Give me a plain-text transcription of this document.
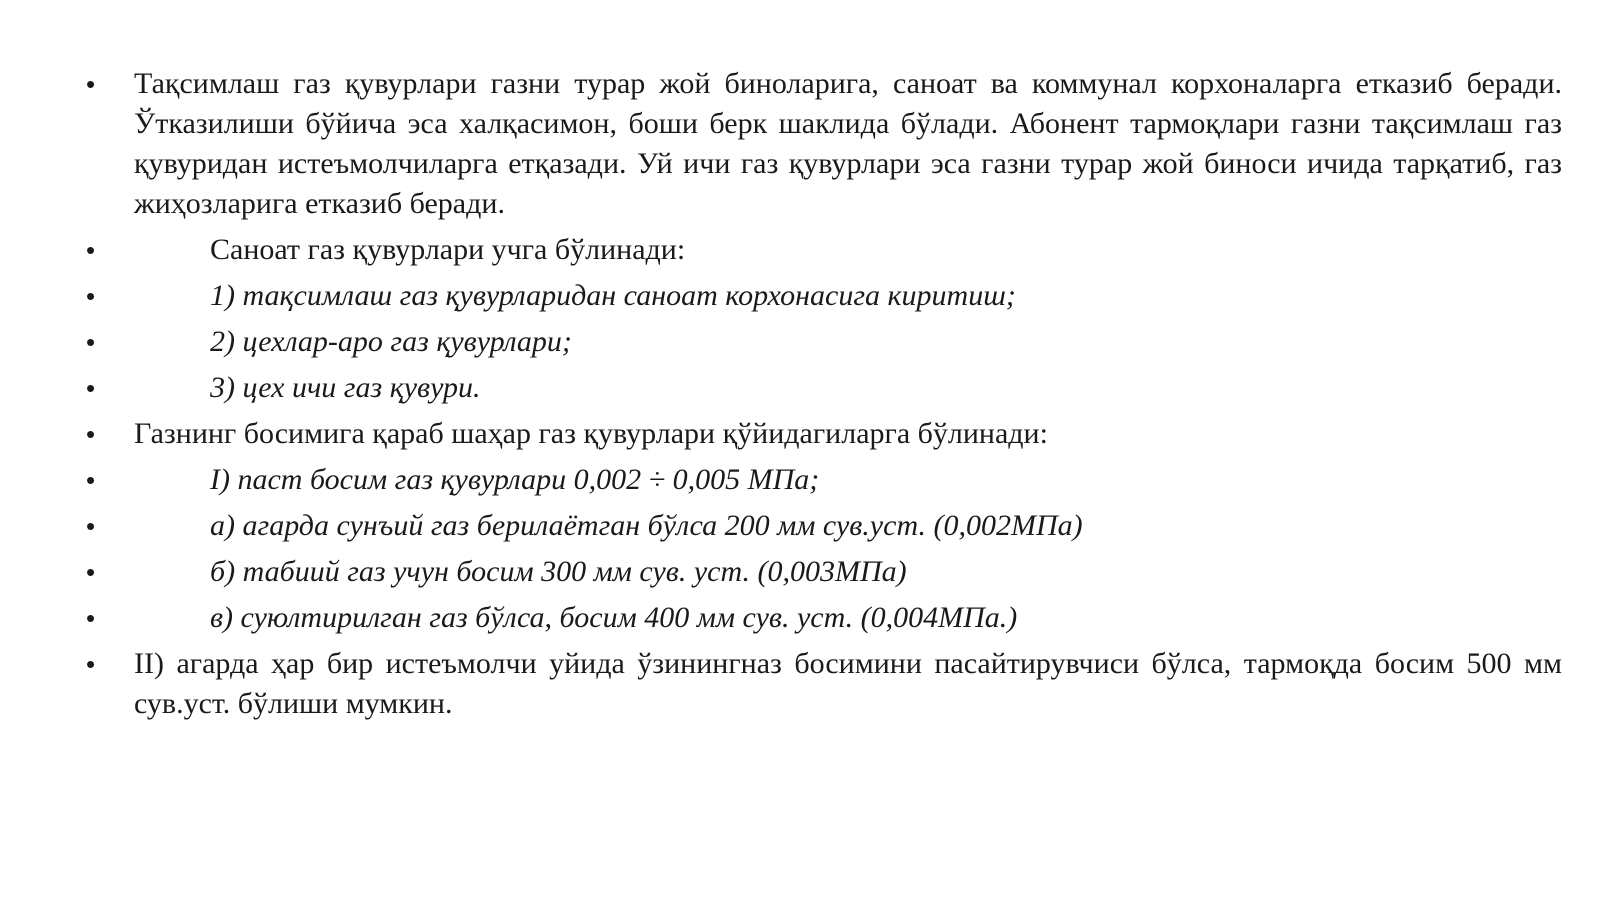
• Тақсимлаш газ қувурлари газни турар жой биноларига, саноат ва коммунал корхоналарга етказиб беради. Ўтказилиши бўйича эса халқасимон, боши берк шаклида бўлади. Абонент тармоқлари газни тақсимлаш газ қувуридан истеъмолчиларга етқазади. Уй ичи газ қувурлари эса газни турар жой биноси ичида тарқатиб, газ жиҳозларига етказиб беради.
•	Саноат газ қувурлари учга бўлинади:
•	1) тақсимлаш газ қувурларидан саноат корхонасига киритиш;
•	2) цехлар-аро газ қувурлари;
•	3) цех ичи газ қувури.
• Газнинг босимига қараб шаҳар газ қувурлари қўйидагиларга бўлинади:
•	I) паст босим газ қувурлари 0,002 ÷ 0,005 МПа;
•	а) агарда сунъий газ берилаётган бўлса 200 мм сув.уст. (0,002МПа)
•	б) табиий газ учун босим 300 мм сув. уст. (0,003МПа)
•	в) суюлтирилган газ бўлса, босим 400 мм сув. уст. (0,004МПа.)
• II) агарда ҳар бир истеъмолчи уйида ўзинингназ босимини пасайтирувчиси бўлса, тармоқда босим 500 мм сув.уст. бўлиши мумкин.
